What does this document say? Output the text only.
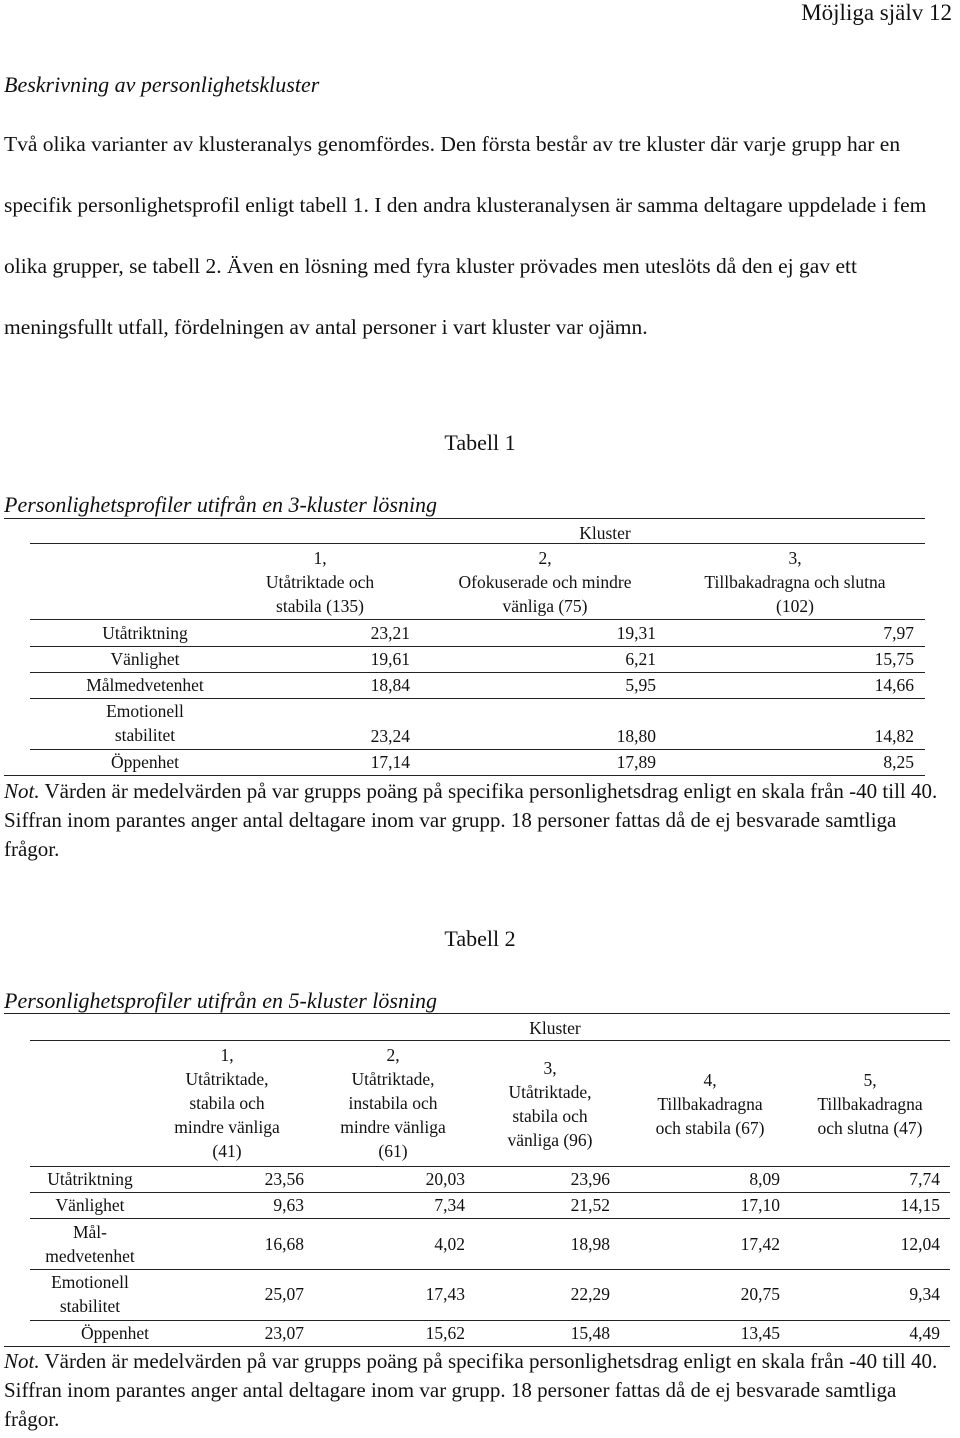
Möjliga själv 12
Beskrivning av personlighetskluster

Två olika varianter av klusteranalys genomfördes. Den första består av tre kluster där varje grupp har en specifik personlighetsprofil enligt tabell 1. I den andra klusteranalysen är samma deltagare uppdelade i fem olika grupper, se tabell 2. Även en lösning med fyra kluster prövades men uteslöts då den ej gav ett meningsfullt utfall, fördelningen av antal personer i vart kluster var ojämn.

Tabell 1
Personlighetsprofiler utifrån en 3-kluster lösning
Kluster
1,
Utåtriktade och
stabila (135)
2,
Ofokuserade och mindre
vänliga (75)
3,
Tillbakadragna och slutna
(102)
Utåtriktning	23,21	19,31	7,97
Vänlighet	19,61	6,21	15,75
Målmedvetenhet	18,84	5,95	14,66
Emotionell
stabilitet	23,24	18,80	14,82
Öppenhet	17,14	17,89	8,25

Not. Värden är medelvärden på var grupps poäng på specifika personlighetsdrag enligt en skala från -40 till 40. Siffran inom parantes anger antal deltagare inom var grupp. 18 personer fattas då de ej besvarade samtliga frågor.

Tabell 2
Personlighetsprofiler utifrån en 5-kluster lösning
Kluster
1,
Utåtriktade,
stabila och
mindre vänliga
(41)
2,
Utåtriktade,
instabila och
mindre vänliga
(61)
3,
Utåtriktade,
stabila och
vänliga (96)
4,
Tillbakadragna
och stabila (67)
5,
Tillbakadragna
och slutna (47)
Utåtriktning	23,56	20,03	23,96	8,09	7,74
Vänlighet	9,63	7,34	21,52	17,10	14,15
Mål-
medvetenhet
16,68	4,02	18,98	17,42	12,04
Emotionell
stabilitet
25,07	17,43	22,29	20,75	9,34
Öppenhet	23,07	15,62	15,48	13,45	4,49

Not. Värden är medelvärden på var grupps poäng på specifika personlighetsdrag enligt en skala från -40 till 40. Siffran inom parantes anger antal deltagare inom var grupp. 18 personer fattas då de ej besvarade samtliga frågor.
